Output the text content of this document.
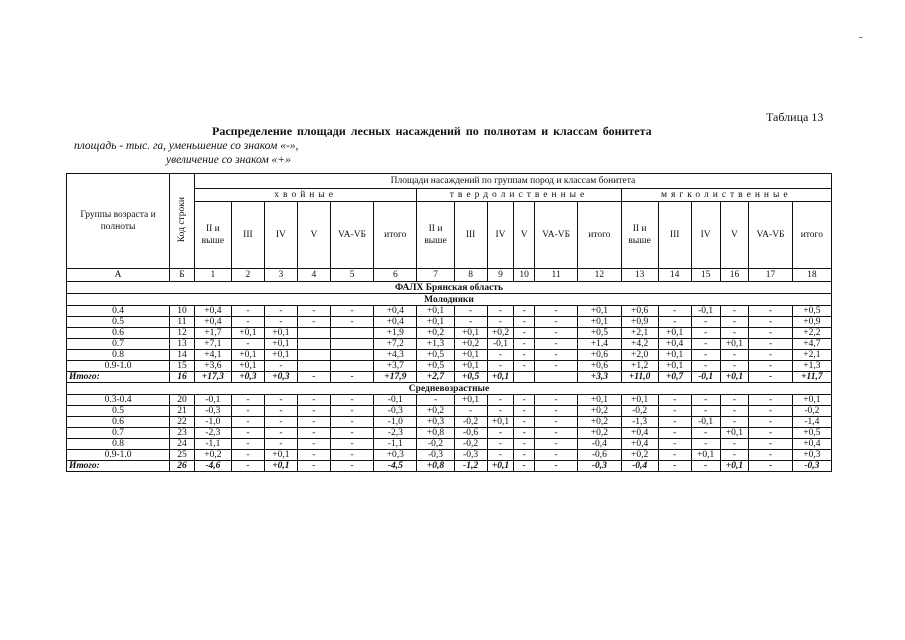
-
Таблица 13
Распределение площади лесных насаждений по полнотам и классам бонитета
площадь - тыс. га, уменьшение со знаком «-»,
увеличение со знаком «+»
Группы возраста и полноты	Код строки	Площади насаждений по группам пород и классам бонитета																	
		хвойные						твердолиственные						мягколиственные					
		II и выше	III	IV	V	VA-VБ	итого	II и выше	III	IV	V	VA-VБ	итого	II и выше	III	IV	V	VA-VБ	итого
А	Б	1	2	3	4	5	6	7	8	9	10	11	12	13	14	15	16	17	18
ФАЛХ Брянская область																			
Молодняки																			
0.4	10	+0,4	-	-	-	-	+0,4	+0,1	-	-	-	-	+0,1	+0,6	-	-0,1	-	-	+0,5
0.5	11	+0,4	-	-	-	-	+0,4	+0,1	-	-	-	-	+0,1	+0,9	-	-	-	-	+0,9
0.6	12	+1,7	+0,1	+0,1			+1,9	+0,2	+0,1	+0,2	-	-	+0,5	+2,1	+0,1	-	-	-	+2,2
0.7	13	+7,1	-	+0,1			+7,2	+1,3	+0,2	-0,1	-	-	+1,4	+4,2	+0,4	-	+0,1	-	+4,7
0.8	14	+4,1	+0,1	+0,1			+4,3	+0,5	+0,1	-	-	-	+0,6	+2,0	+0,1	-	-	-	+2,1
0.9-1.0	15	+3,6	+0,1	-			+3,7	+0,5	+0,1	-	-	-	+0,6	+1,2	+0,1	-	-	-	+1,3
Итого:	16	+17,3	+0,3	+0,3	-	-	+17,9	+2,7	+0,5	+0,1			+3,3	+11,0	+0,7	-0,1	+0,1	-	+11,7
Средневозрастные																			
0.3-0.4	20	-0,1	-	-	-	-	-0,1	-	+0,1	-	-	-	+0,1	+0,1	-	-	-	-	+0,1
0.5	21	-0,3	-	-	-	-	-0,3	+0,2	-	-	-	-	+0,2	-0,2	-	-	-	-	-0,2
0.6	22	-1,0	-	-	-	-	-1,0	+0,3	-0,2	+0,1	-	-	+0,2	-1,3	-	-0,1	-	-	-1,4
0.7	23	-2,3	-	-	-	-	-2,3	+0,8	-0,6	-	-	-	+0,2	+0,4	-	-	+0,1	-	+0,5
0.8	24	-1,1	-	-	-	-	-1,1	-0,2	-0,2	-	-	-	-0,4	+0,4	-	-	-	-	+0,4
0.9-1.0	25	+0,2	-	+0,1	-	-	+0,3	-0,3	-0,3	-	-	-	-0,6	+0,2	-	+0,1	-	-	+0,3
Итого:	26	-4,6	-	+0,1	-	-	-4,5	+0,8	-1,2	+0,1	-	-	-0,3	-0,4	-	-	+0,1	-	-0,3
